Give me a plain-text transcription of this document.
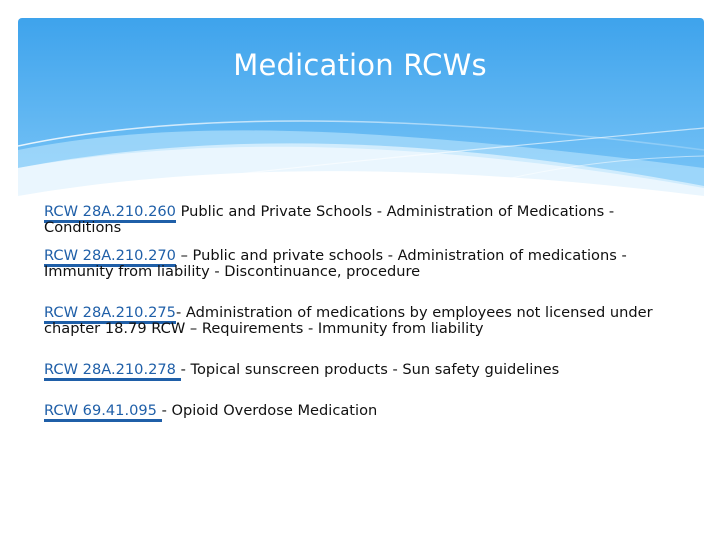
Medication RCWs
RCW 28A.210.260 Public and Private Schools - Administration of Medications - Conditions
RCW 28A.210.270 – Public and private schools - Administration of medications - Immunity from liability - Discontinuance, procedure
RCW 28A.210.275- Administration of medications by employees not licensed under chapter 18.79 RCW – Requirements - Immunity from liability
RCW 28A.210.278 - Topical sunscreen products - Sun safety guidelines
RCW 69.41.095 - Opioid Overdose Medication
